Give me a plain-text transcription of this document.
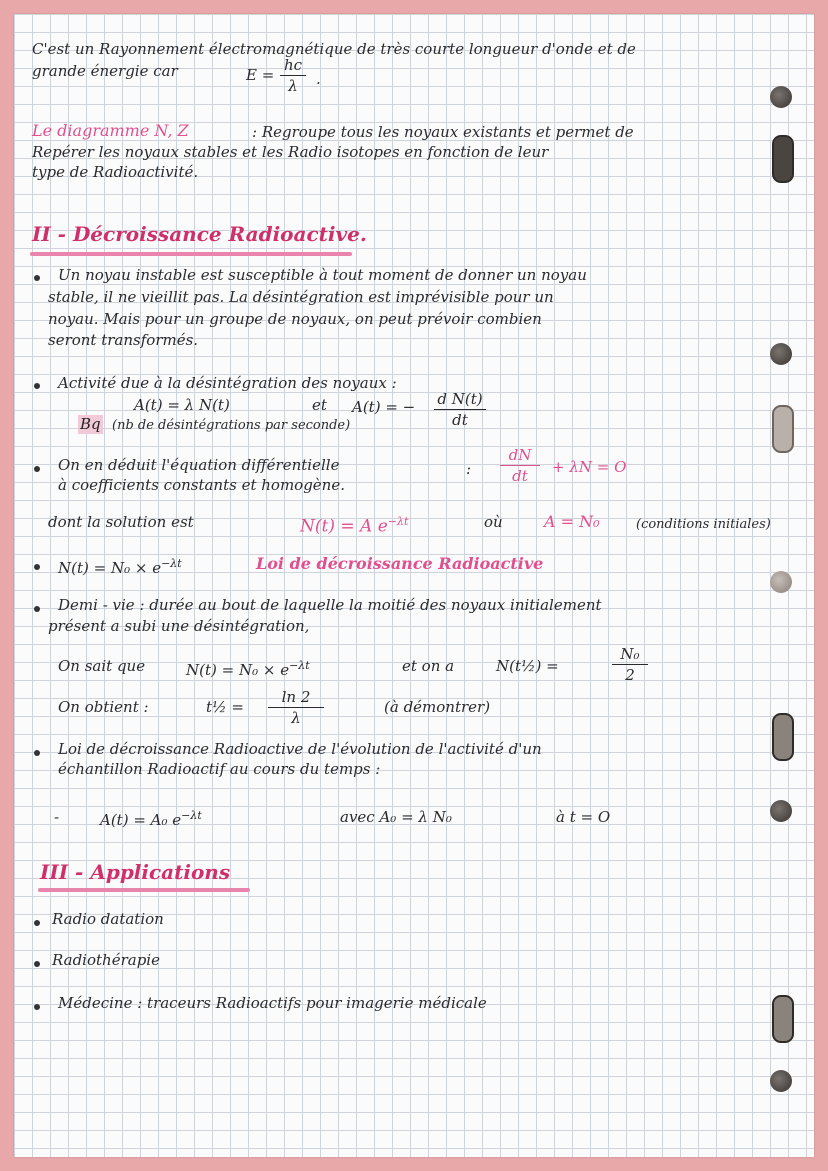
C'est un Rayonnement électromagnétique de très courte longueur d'onde et de
grande énergie car	E =
hc
λ	.
Le diagramme N, Z	: Regroupe tous les noyaux existants et permet de
Repérer les noyaux stables et les Radio isotopes en fonction de leur
type de Radioactivité.
II - Décroissance Radioactive.
Un noyau instable est susceptible à tout moment de donner un noyau
stable, il ne vieillit pas. La désintégration est imprévisible pour un
noyau. Mais pour un groupe de noyaux, on peut prévoir combien
seront transformés.
Activité due à la désintégration des noyaux :
A(t) = λ N(t)	et A(t) = − d N(t)
dt
Bq (nb de désintégrations par seconde)
On en déduit l'équation différentielle
à coefficients constants et homogène.
:
dN
dt	+ λN = O
dont la solution est	N(t) = A $e^{-\lambda t}$	où	A = N₀	(conditions initiales)
$N(t) = N_0 \times e^{-\lambda t}$	Loi de décroissance Radioactive
Demi - vie : durée au bout de laquelle la moitié des noyaux initialement
présent a subi une désintégration,
On sait que	$N(t) = N_0 \times e^{-\lambda t}$	et on a	N(t½) =
N₀
2
On obtient :	t½ =
ln 2
λ
(à démontrer)
Loi de décroissance Radioactive de l'évolution de l'activité d'un
échantillon Radioactif au cours du temps :
-	A(t) = A₀ $e^{-\lambda t}$	avec A₀ = λ N₀	à t = O
III - Applications
Radio datation
Radiothérapie
Médecine : traceurs Radioactifs pour imagerie médicale
